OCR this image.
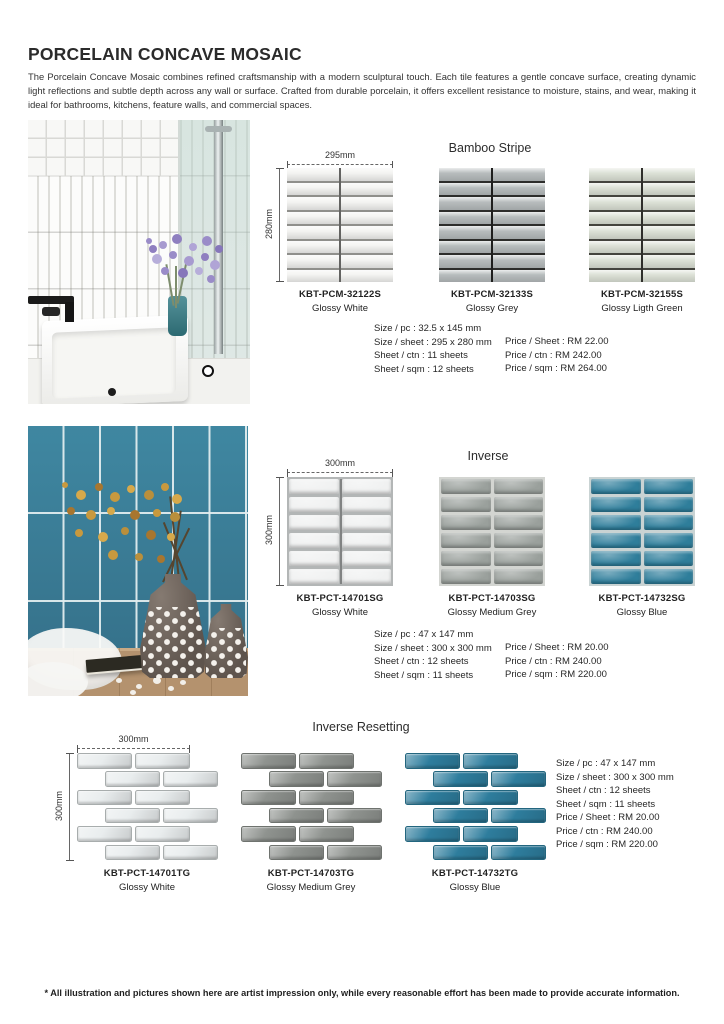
PORCELAIN CONCAVE MOSAIC

The Porcelain Concave Mosaic combines refined craftsmanship with a modern sculptural touch. Each tile features a gentle concave surface, creating dynamic light reflections and subtle depth across any wall or surface. Crafted from durable porcelain, it offers excellent resistance to moisture, stains, and wear, making it ideal for bathrooms, kitchens, feature walls, and commercial spaces.

Bamboo Stripe
295mm
280mm
KBT-PCM-32122S
Glossy White
KBT-PCM-32133S
Glossy Grey
KBT-PCM-32155S
Glossy Ligth Green
Size / pc : 32.5 x 145 mm
Size / sheet : 295 x 280 mm
Sheet / ctn : 11 sheets
Sheet / sqm : 12 sheets
Price / Sheet : RM 22.00
Price / ctn : RM 242.00
Price / sqm : RM 264.00
Inverse
300mm
300mm
KBT-PCT-14701SG
Glossy White
KBT-PCT-14703SG
Glossy Medium Grey
KBT-PCT-14732SG
Glossy Blue
Size / pc : 47 x 147 mm
Size / sheet : 300 x 300 mm
Sheet / ctn : 12 sheets
Sheet / sqm : 11 sheets
Price / Sheet : RM 20.00
Price / ctn : RM 240.00
Price / sqm : RM 220.00
Inverse Resetting
300mm
300mm
KBT-PCT-14701TG
Glossy White
KBT-PCT-14703TG
Glossy Medium Grey
KBT-PCT-14732TG
Glossy Blue
Size / pc : 47 x 147 mm
Size / sheet : 300 x 300 mm
Sheet / ctn : 12 sheets
Sheet / sqm : 11 sheets
Price / Sheet : RM 20.00
Price / ctn : RM 240.00
Price / sqm : RM 220.00
* All illustration and pictures shown here are artist impression only, while every reasonable effort has been made to provide accurate information.
